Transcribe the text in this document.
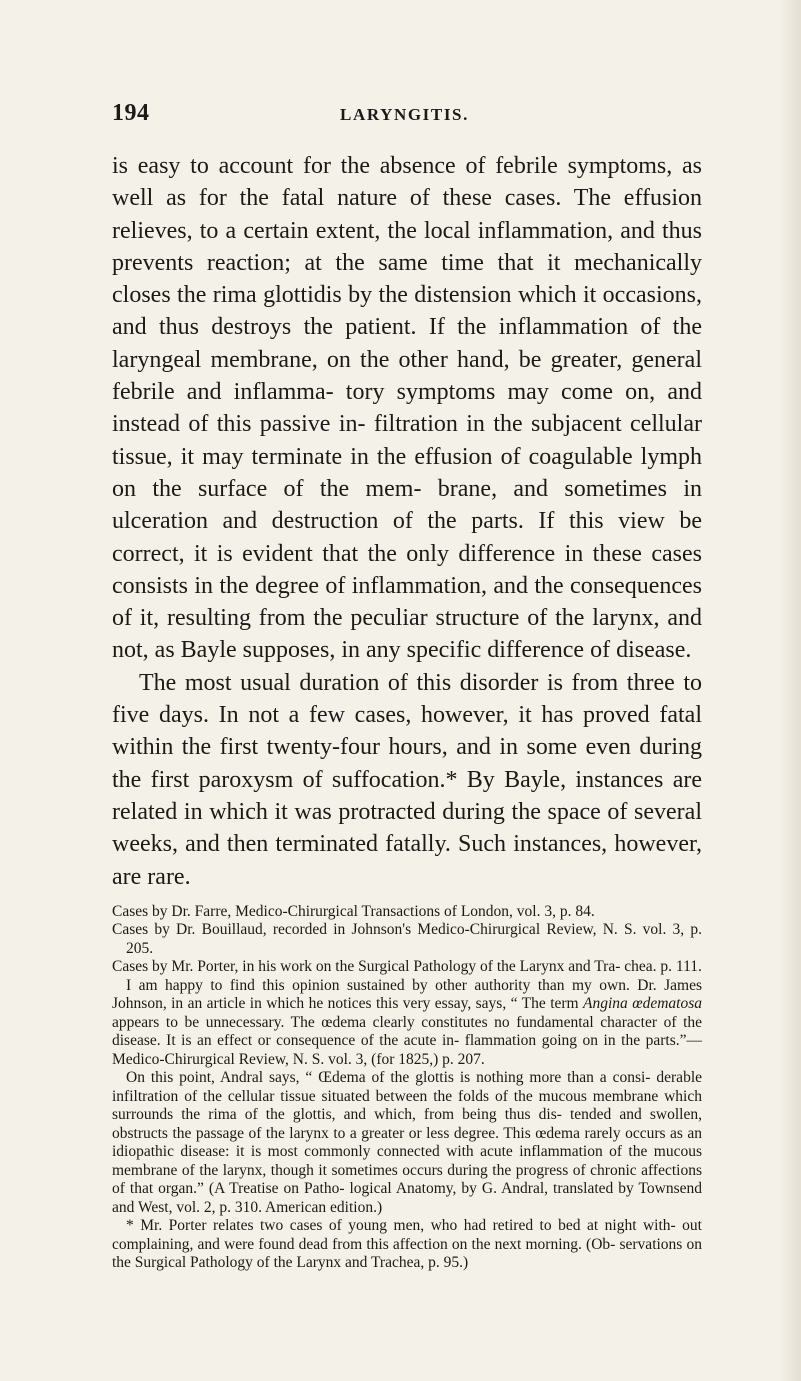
194	LARYNGITIS.

is easy to account for the absence of febrile symptoms, as well as for the fatal nature of these cases. The effusion relieves, to a certain extent, the local inflammation, and thus prevents reaction; at the same time that it mechanically closes the rima glottidis by the distension which it occasions, and thus destroys the patient. If the inflammation of the laryngeal membrane, on the other hand, be greater, general febrile and inflamma- tory symptoms may come on, and instead of this passive in- filtration in the subjacent cellular tissue, it may terminate in the effusion of coagulable lymph on the surface of the mem- brane, and sometimes in ulceration and destruction of the parts. If this view be correct, it is evident that the only difference in these cases consists in the degree of inflammation, and the consequences of it, resulting from the peculiar structure of the larynx, and not, as Bayle supposes, in any specific difference of disease.

The most usual duration of this disorder is from three to five days. In not a few cases, however, it has proved fatal within the first twenty-four hours, and in some even during the first paroxysm of suffocation.* By Bayle, instances are related in which it was protracted during the space of several weeks, and then terminated fatally. Such instances, however, are rare.

Cases by Dr. Farre, Medico-Chirurgical Transactions of London, vol. 3, p. 84.

Cases by Dr. Bouillaud, recorded in Johnson's Medico-Chirurgical Review, N. S. vol. 3, p. 205.

Cases by Mr. Porter, in his work on the Surgical Pathology of the Larynx and Tra- chea. p. 111.

I am happy to find this opinion sustained by other authority than my own. Dr. James Johnson, in an article in which he notices this very essay, says, “ The term Angina œdematosa appears to be unnecessary. The œdema clearly constitutes no fundamental character of the disease. It is an effect or consequence of the acute in- flammation going on in the parts.”—Medico-Chirurgical Review, N. S. vol. 3, (for 1825,) p. 207.

On this point, Andral says, “ Œdema of the glottis is nothing more than a consi- derable infiltration of the cellular tissue situated between the folds of the mucous membrane which surrounds the rima of the glottis, and which, from being thus dis- tended and swollen, obstructs the passage of the larynx to a greater or less degree. This œdema rarely occurs as an idiopathic disease: it is most commonly connected with acute inflammation of the mucous membrane of the larynx, though it sometimes occurs during the progress of chronic affections of that organ.” (A Treatise on Patho- logical Anatomy, by G. Andral, translated by Townsend and West, vol. 2, p. 310. American edition.)

* Mr. Porter relates two cases of young men, who had retired to bed at night with- out complaining, and were found dead from this affection on the next morning. (Ob- servations on the Surgical Pathology of the Larynx and Trachea, p. 95.)
